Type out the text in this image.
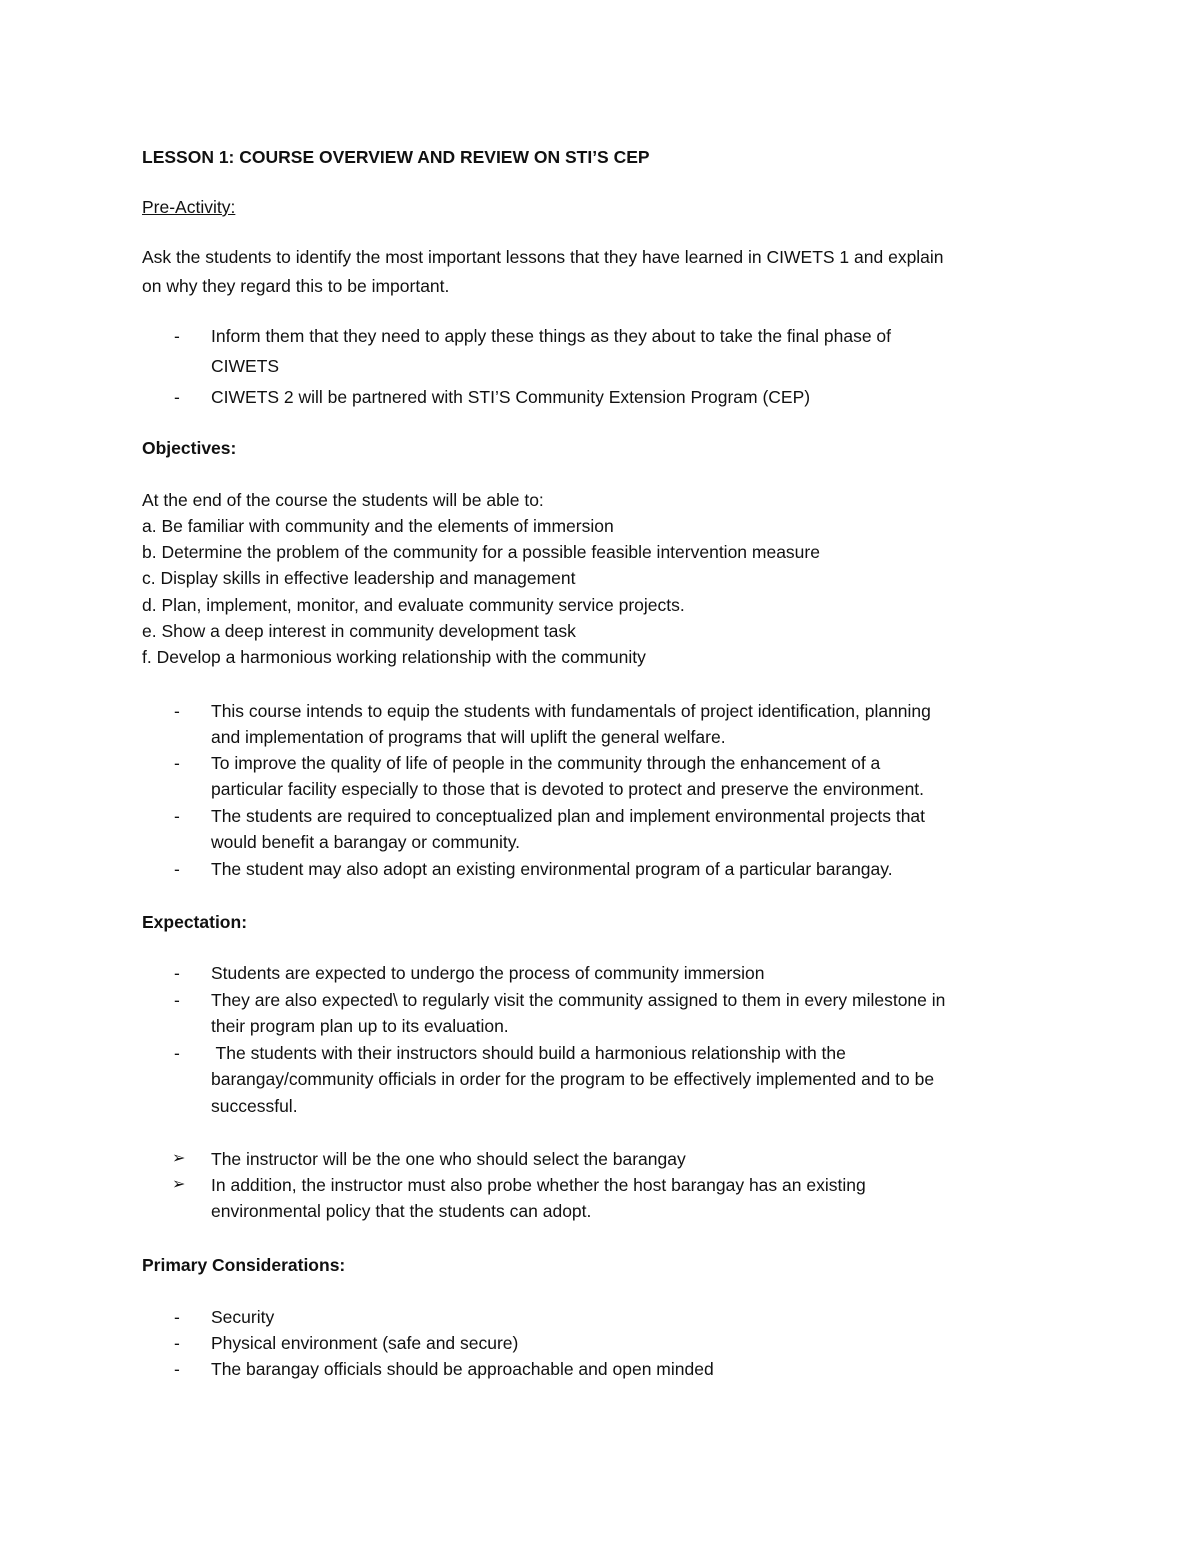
LESSON 1: COURSE OVERVIEW AND REVIEW ON STI’S CEP
Pre-Activity:
Ask the students to identify the most important lessons that they have learned in CIWETS 1 and explain
on why they regard this to be important.
- Inform them that they need to apply these things as they about to take the final phase of
CIWETS
- CIWETS 2 will be partnered with STI’S Community Extension Program (CEP)
Objectives:
At the end of the course the students will be able to:
a. Be familiar with community and the elements of immersion
b. Determine the problem of the community for a possible feasible intervention measure
c. Display skills in effective leadership and management
d. Plan, implement, monitor, and evaluate community service projects.
e. Show a deep interest in community development task
f. Develop a harmonious working relationship with the community
- This course intends to equip the students with fundamentals of project identification, planning
and implementation of programs that will uplift the general welfare.
- To improve the quality of life of people in the community through the enhancement of a
particular facility especially to those that is devoted to protect and preserve the environment.
- The students are required to conceptualized plan and implement environmental projects that
would benefit a barangay or community.
- The student may also adopt an existing environmental program of a particular barangay.
Expectation:
- Students are expected to undergo the process of community immersion
- They are also expected\ to regularly visit the community assigned to them in every milestone in
their program plan up to its evaluation.
- The students with their instructors should build a harmonious relationship with the
barangay/community officials in order for the program to be effectively implemented and to be
successful.
➢ The instructor will be the one who should select the barangay
➢ In addition, the instructor must also probe whether the host barangay has an existing
environmental policy that the students can adopt.
Primary Considerations:
- Security
- Physical environment (safe and secure)
- The barangay officials should be approachable and open minded
